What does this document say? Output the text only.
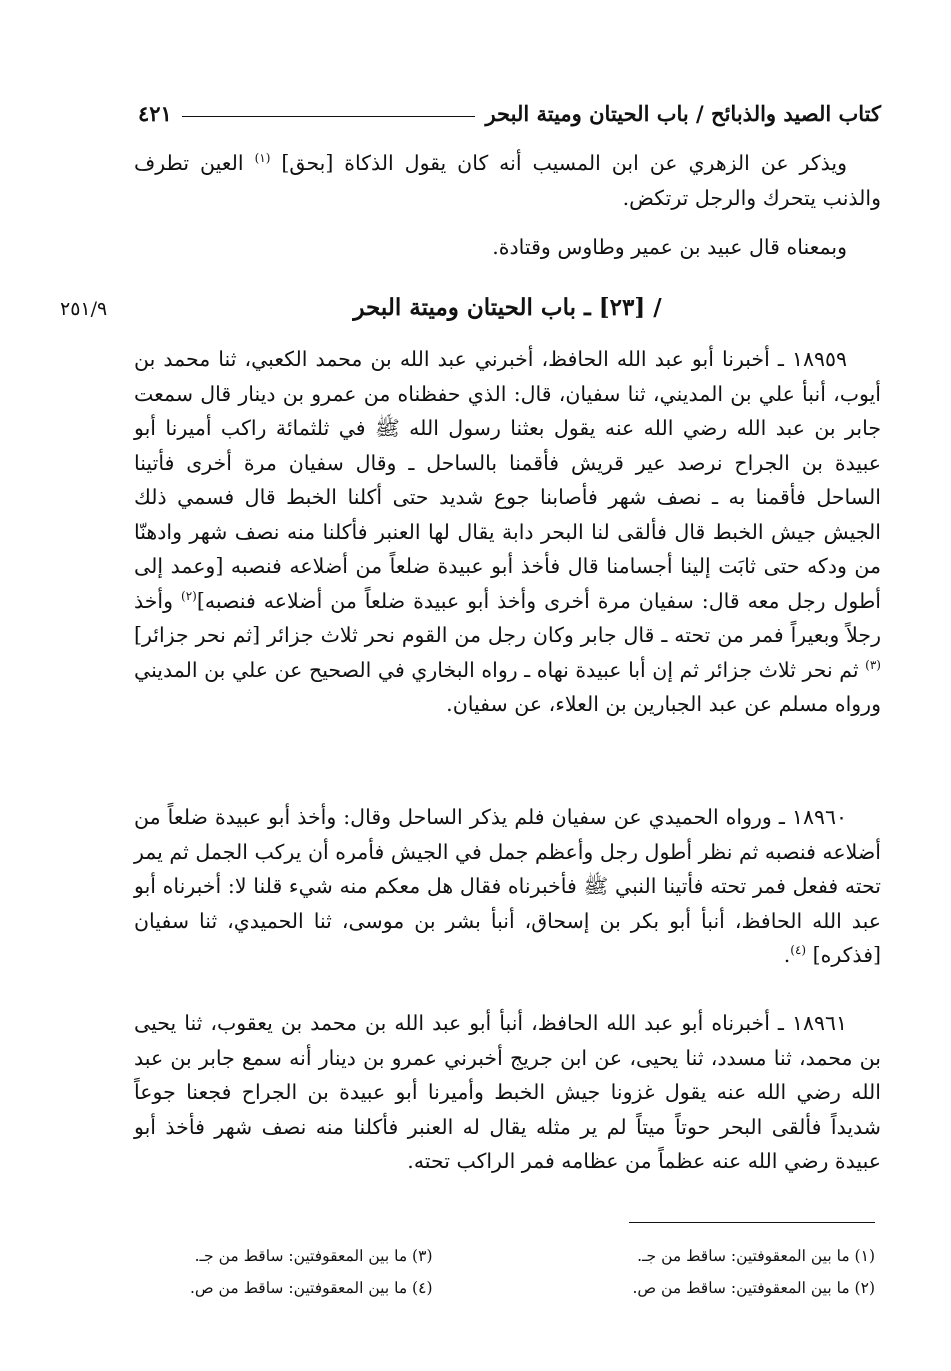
كتاب الصيد والذبائح / باب الحيتان وميتة البحر
٤٢١

ويذكر عن الزهري عن ابن المسيب أنه كان يقول الذكاة [بحق] $^{(١)}$ العين تطرف والذنب يتحرك والرجل ترتكض.

وبمعناه قال عبيد بن عمير وطاوس وقتادة.

/ [٢٣] ـ باب الحيتان وميتة البحر
٢٥١/٩

١٨٩٥٩ ـ أخبرنا أبو عبد الله الحافظ، أخبرني عبد الله بن محمد الكعبي، ثنا محمد بن أيوب، أنبأ علي بن المديني، ثنا سفيان، قال: الذي حفظناه من عمرو بن دينار قال سمعت جابر بن عبد الله رضي الله عنه يقول بعثنا رسول الله ﷺ في ثلثمائة راكب أميرنا أبو عبيدة بن الجراح نرصد عير قريش فأقمنا بالساحل ـ وقال سفيان مرة أخرى فأتينا الساحل فأقمنا به ـ نصف شهر فأصابنا جوع شديد حتى أكلنا الخبط قال فسمي ذلك الجيش جيش الخبط قال فألقى لنا البحر دابة يقال لها العنبر فأكلنا منه نصف شهر وادهنّا من ودكه حتى ثابَت إلينا أجسامنا قال فأخذ أبو عبيدة ضلعاً من أضلاعه فنصبه [وعمد إلى أطول رجل معه قال: سفيان مرة أخرى وأخذ أبو عبيدة ضلعاً من أضلاعه فنصبه]$^{(٢)}$ وأخذ رجلاً وبعيراً فمر من تحته ـ قال جابر وكان رجل من القوم نحر ثلاث جزائر [ثم نحر جزائر]$^{(٣)}$ ثم نحر ثلاث جزائر ثم إن أبا عبيدة نهاه ـ رواه البخاري في الصحيح عن علي بن المديني ورواه مسلم عن عبد الجبارين بن العلاء، عن سفيان.

١٨٩٦٠ ـ ورواه الحميدي عن سفيان فلم يذكر الساحل وقال: وأخذ أبو عبيدة ضلعاً من أضلاعه فنصبه ثم نظر أطول رجل وأعظم جمل في الجيش فأمره أن يركب الجمل ثم يمر تحته ففعل فمر تحته فأتينا النبي ﷺ فأخبرناه فقال هل معكم منه شيء قلنا لا: أخبرناه أبو عبد الله الحافظ، أنبأ أبو بكر بن إسحاق، أنبأ بشر بن موسى، ثنا الحميدي، ثنا سفيان [فذكره] $^{(٤)}$.

١٨٩٦١ ـ أخبرناه أبو عبد الله الحافظ، أنبأ أبو عبد الله بن محمد بن يعقوب، ثنا يحيى بن محمد، ثنا مسدد، ثنا يحيى، عن ابن جريج أخبرني عمرو بن دينار أنه سمع جابر بن عبد الله رضي الله عنه يقول غزونا جيش الخبط وأميرنا أبو عبيدة بن الجراح فجعنا جوعاً شديداً فألقى البحر حوتاً ميتاً لم ير مثله يقال له العنبر فأكلنا منه نصف شهر فأخذ أبو عبيدة رضي الله عنه عظماً من عظامه فمر الراكب تحته.

(١) ما بين المعقوفتين: ساقط من جـ.

(٢) ما بين المعقوفتين: ساقط من ص.

(٣) ما بين المعقوفتين: ساقط من جـ.

(٤) ما بين المعقوفتين: ساقط من ص.
